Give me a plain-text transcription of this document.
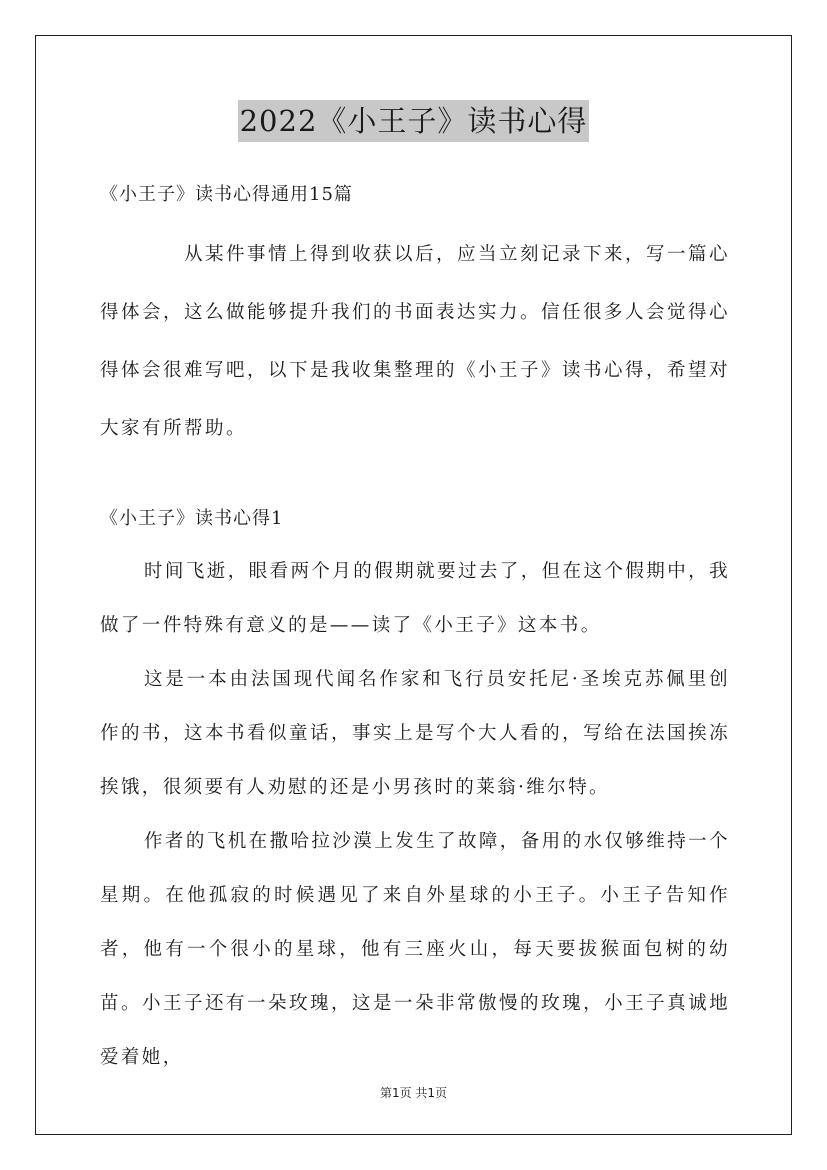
2022《小王子》读书心得
《小王子》读书心得通用15篇

从某件事情上得到收获以后，应当立刻记录下来，写一篇心得体会，这么做能够提升我们的书面表达实力。信任很多人会觉得心得体会很难写吧，以下是我收集整理的《小王子》读书心得，希望对大家有所帮助。

《小王子》读书心得1

时间飞逝，眼看两个月的假期就要过去了，但在这个假期中，我做了一件特殊有意义的是——读了《小王子》这本书。

这是一本由法国现代闻名作家和飞行员安托尼·圣埃克苏佩里创作的书，这本书看似童话，事实上是写个大人看的，写给在法国挨冻挨饿，很须要有人劝慰的还是小男孩时的莱翁·维尔特。

作者的飞机在撒哈拉沙漠上发生了故障，备用的水仅够维持一个星期。在他孤寂的时候遇见了来自外星球的小王子。小王子告知作者，他有一个很小的星球，他有三座火山，每天要拔猴面包树的幼苗。小王子还有一朵玫瑰，这是一朵非常傲慢的玫瑰，小王子真诚地爱着她，

第1页 共1页
